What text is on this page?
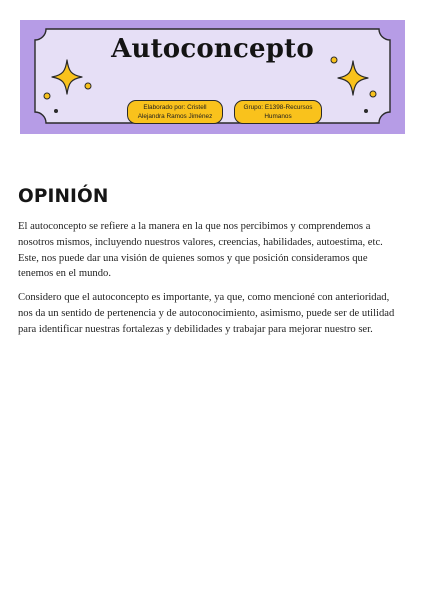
Autoconcepto
Elaborado por: Cristell
Alejandra Ramos Jiménez
Grupo: E1398-Recursos
Humanos
OPINIÓN

El autoconcepto se refiere a la manera en la que nos percibimos y comprendemos a nosotros mismos, incluyendo nuestros valores, creencias, habilidades, autoestima, etc. Este, nos puede dar una visión de quienes somos y que posición consideramos que tenemos en el mundo.

Considero que el autoconcepto es importante, ya que, como mencioné con anterioridad, nos da un sentido de pertenencia y de autoconocimiento, asimismo, puede ser de utilidad para identificar nuestras fortalezas y debilidades y trabajar para mejorar nuestro ser.
